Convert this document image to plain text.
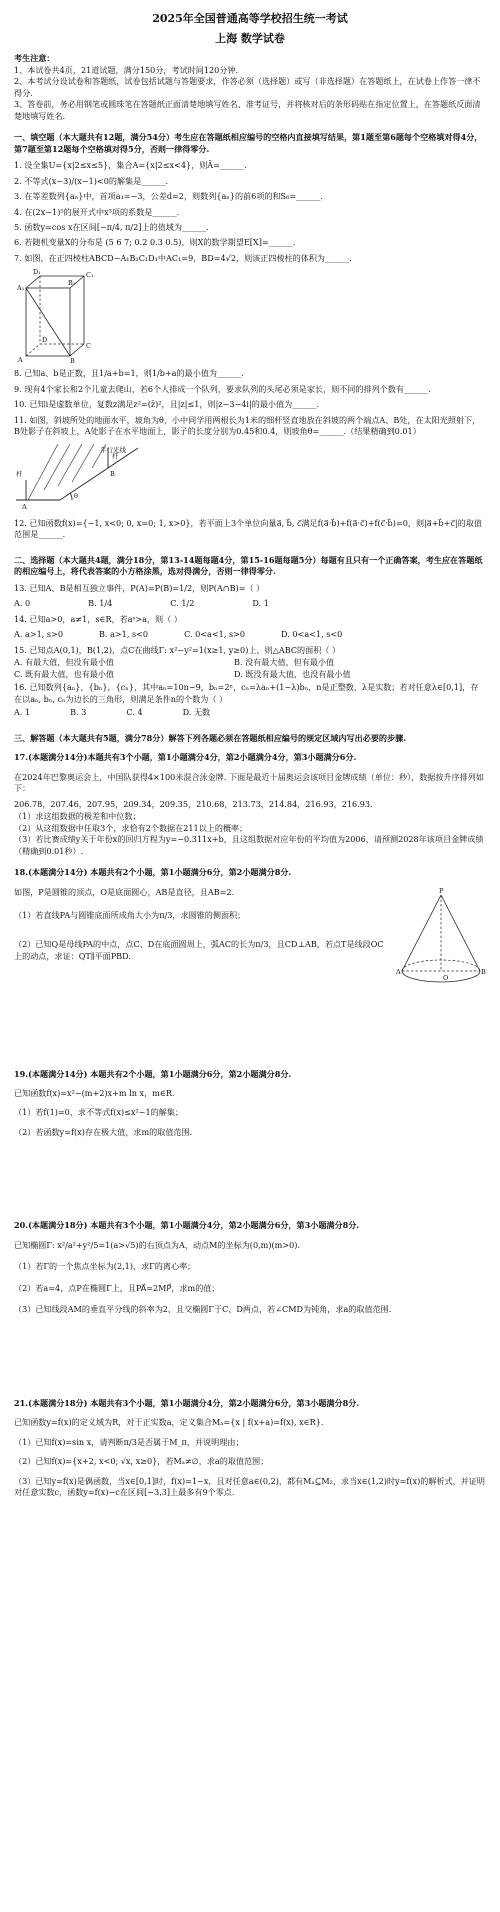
2025年全国普通高等学校招生统一考试

上海 数学试卷

考生注意：

1、本试卷共4页，21道试题，满分150分，考试时间120分钟.

2、本考试分设试卷和答题纸，试卷包括试题与答题要求，作答必须（选择题）或写（非选择题）在答题纸上，在试卷上作答一律不得分.

3、答卷前，务必用钢笔或圆珠笔在答题纸正面清楚地填写姓名、准考证号，并将核对后的条形码贴在指定位置上，在答题纸反面清楚地填写姓名.

一、填空题（本大题共有12题，满分54分）考生应在答题纸相应编号的空格内直接填写结果，第1题至第6题每个空格填对得4分，第7题至第12题每个空格填对得5分，否则一律得零分.

1. 设全集U={x|2≤x≤5}，集合A={x|2≤x<4}，则Ā=______.

2. 不等式(x−3)/(x−1)<0的解集是______.

3. 在等差数列{aₙ}中，首项a₁=−3，公差d=2，则数列{aₙ}的前6项的和S₆=______.

4. 在(2x−1)⁵的展开式中x³项的系数是______.

5. 函数y=cos x在区间[−π/4, π/2]上的值域为______.

6. 若随机变量X的分布是 (5 6 7; 0.2 0.3 0.5)，则X的数学期望E[X]=______.

7. 如图，在正四棱柱ABCD−A₁B₁C₁D₁中AC₁=9，BD=4√2，则该正四棱柱的体积为______.

A₁
B₁
C₁
D₁
A	B
C
D

8. 已知a、b是正数，且1/a+b=1，则1/b+a的最小值为______.

9. 现有4个家长和2个儿童去爬山，若6个人排成一个队列，要求队列的头尾必须是家长，则不同的排列个数有______.

10. 已知i是虚数单位，复数z满足z²=(z̄)²，且|z|≤1，则|z−3−4i|的最小值为______.

11. 如图，斜坡所处的地面水平，坡角为θ，小中同学用两根长为1米的细杆竖直地放在斜坡的两个端点A、B处，在太阳光照射下，B处影子在斜坡上，A处影子在水平地面上，影子的长度分别为0.45和0.4，则坡角θ=______.（结果精确到0.01）

平行光线
杆
杆
A
B
θ

12. 已知函数f(x)={−1, x<0; 0, x=0; 1, x>0}，若平面上3个单位向量a⃗, b⃗, c⃗满足f(a⃗·b⃗)+f(a⃗·c⃗)+f(c⃗·b⃗)=0，则|a⃗+b⃗+c⃗|的取值范围是______.

二、选择题（本大题共4题，满分18分，第13-14题每题4分，第15-16题每题5分）每题有且只有一个正确答案，考生应在答题纸的相应编号上，将代表答案的小方格涂黑，选对得满分，否则一律得零分.

13. 已知A、B是相互独立事件，P(A)=P(B)=1/2，则P(A∩B)=（ ）

A. 0	B. 1/4	C. 1/2	D. 1

14. 已知a>0，a≠1，s∈R，若aˢ>a，则（ ）

A. a>1, s>0	B. a>1, s<0	C. 0<a<1, s>0	D. 0<a<1, s<0

15. 已知点A(0,1)，B(1,2)，点C在曲线Γ: x²−y²=1(x≥1, y≥0)上，则△ABC的面积（ ）

A. 有最大值，但没有最小值	B. 没有最大值，但有最小值
C. 既有最大值，也有最小值	D. 既没有最大值，也没有最小值

16. 已知数列{aₙ}，{bₙ}，{cₙ}，其中aₙ=10n−9，bₙ=2ⁿ，cₙ=λaₙ+(1−λ)bₙ，n是正整数，λ是实数；若对任意λ∈[0,1]，存在以aₙ, bₙ, cₙ为边长的三角形，则满足条件n的个数为（ ）

A. 1	B. 3	C. 4	D. 无数

三、解答题（本大题共有5题，满分78分）解答下列各题必须在答题纸相应编号的规定区域内写出必要的步骤.

17.(本题满分14分)本题共有3个小题，第1小题满分4分，第2小题满分4分，第3小题满分6分.

在2024年巴黎奥运会上，中国队获得4×100米混合泳金牌. 下面是最近十届奥运会该项目金牌成绩（单位：秒），数据按升序排列如下：

206.78，207.46，207.95，209.34，209.35，210.68，213.73，214.84，216.93，216.93.

（1）求这组数据的极差和中位数；

（2）从这组数据中任取3个，求恰有2个数据在211以上的概率；

（3）若比赛成绩y关于年份x的回归方程为y=−0.311x+b，且这组数据对应年份的平均值为2006，请预测2028年该项目金牌成绩（精确到0.01秒）.

18.(本题满分14分) 本题共有2个小题，第1小题满分6分，第2小题满分8分.

如图，P是圆锥的顶点，O是底面圆心，AB是直径，且AB=2.

（1）若直线PA与圆锥底面所成角大小为π/3，求圆锥的侧面积；

（2）已知Q是母线PA的中点，点C、D在底面圆周上，弧AC的长为π/3，且CD⊥AB，若点T是线段OC上的动点，求证：QT∥平面PBD.

P
A	B
O

19.(本题满分14分) 本题共有2个小题，第1小题满分6分，第2小题满分8分.

已知函数f(x)=x²−(m+2)x+m ln x，m∈R.

（1）若f(1)=0，求不等式f(x)≤x²−1的解集；

（2）若函数y=f(x)存在极大值，求m的取值范围.

20.(本题满分18分) 本题共有3个小题，第1小题满分4分，第2小题满分6分，第3小题满分8分.

已知椭圆Γ: x²/a²+y²/5=1(a>√5)的右顶点为A，动点M的坐标为(0,m)(m>0).

（1）若Γ的一个焦点坐标为(2,1)，求Γ的离心率；

（2）若a=4，点P在椭圆Γ上，且PA⃗=2MP⃗，求m的值；

（3）已知线段AM的垂直平分线的斜率为2，且交椭圆Γ于C、D两点，若∠CMD为钝角，求a的取值范围.

21.(本题满分18分) 本题共有3个小题，第1小题满分4分，第2小题满分6分，第3小题满分8分.

已知函数y=f(x)的定义域为R，对于正实数a，定义集合Mₐ={x | f(x+a)=f(x), x∈R}.

（1）已知f(x)=sin x，请判断π/3是否属于M_π，并说明理由；

（2）已知f(x)={x+2, x<0; √x, x≥0}，若Mₐ≠∅，求a的取值范围；

（3）已知y=f(x)是偶函数，当x∈[0,1]时，f(x)=1−x，且对任意a∈(0,2)，都有Mₐ⊆M₂，求当x∈(1,2)时y=f(x)的解析式，并证明对任意实数c，函数y=f(x)−c在区间[−3,3]上最多有9个零点.
